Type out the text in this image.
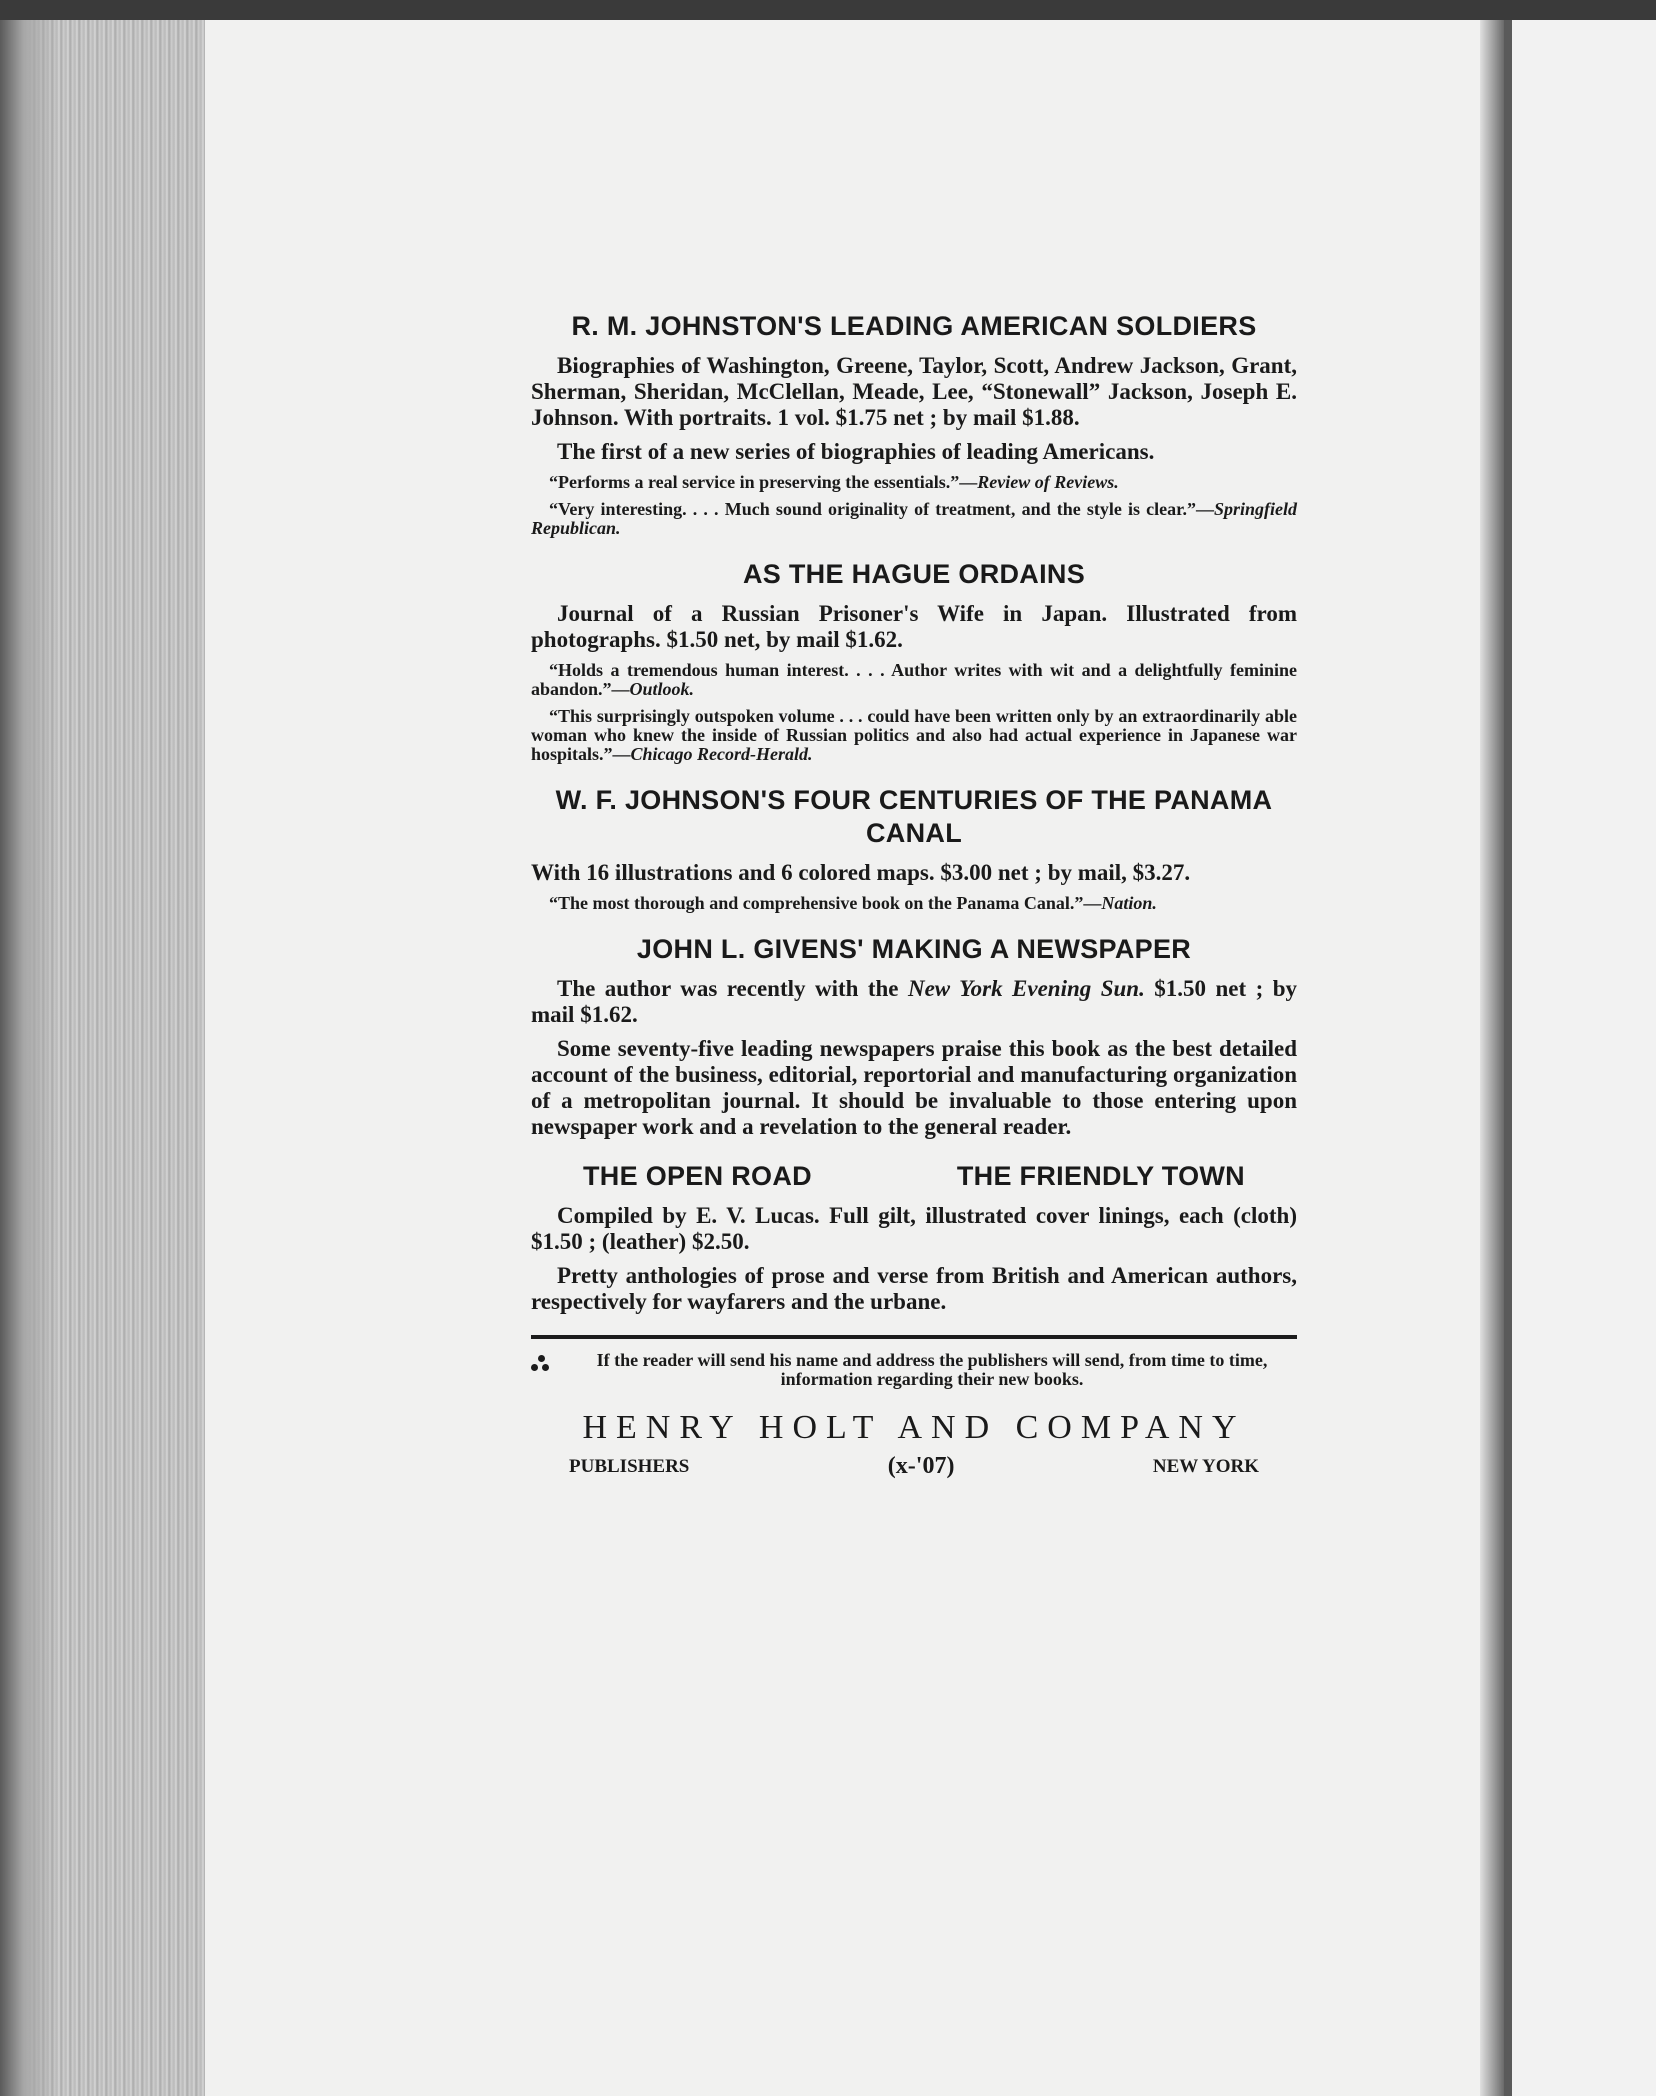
R. M. JOHNSTON'S LEADING AMERICAN SOLDIERS

Biographies of Washington, Greene, Taylor, Scott, Andrew Jackson, Grant, Sherman, Sheridan, McClellan, Meade, Lee, “Stonewall” Jackson, Joseph E. Johnson. With portraits. 1 vol. $1.75 net ; by mail $1.88.

The first of a new series of biographies of leading Americans.

“Performs a real service in preserving the essentials.”—Review of Reviews.

“Very interesting. . . . Much sound originality of treatment, and the style is clear.”—Springfield Republican.

AS THE HAGUE ORDAINS

Journal of a Russian Prisoner's Wife in Japan. Illustrated from photographs. $1.50 net, by mail $1.62.

“Holds a tremendous human interest. . . . Author writes with wit and a delightfully feminine abandon.”—Outlook.

“This surprisingly outspoken volume . . . could have been written only by an extraordinarily able woman who knew the inside of Russian politics and also had actual experience in Japanese war hospitals.”—Chicago Record-Herald.

W. F. JOHNSON'S FOUR CENTURIES OF THE PANAMA CANAL

With 16 illustrations and 6 colored maps. $3.00 net ; by mail, $3.27.

“The most thorough and comprehensive book on the Panama Canal.”—Nation.

JOHN L. GIVENS' MAKING A NEWSPAPER

The author was recently with the New York Evening Sun. $1.50 net ; by mail $1.62.

Some seventy-five leading newspapers praise this book as the best detailed account of the business, editorial, reportorial and manufacturing organization of a metropolitan journal. It should be invaluable to those entering upon newspaper work and a revelation to the general reader.

THE OPEN ROAD	THE FRIENDLY TOWN

Compiled by E. V. Lucas. Full gilt, illustrated cover linings, each (cloth) $1.50 ; (leather) $2.50.

Pretty anthologies of prose and verse from British and American authors, respectively for wayfarers and the urbane.

If the reader will send his name and address the publishers will send, from time to time, information regarding their new books.
HENRY HOLT AND COMPANY
PUBLISHERS	(x-'07)	NEW YORK
